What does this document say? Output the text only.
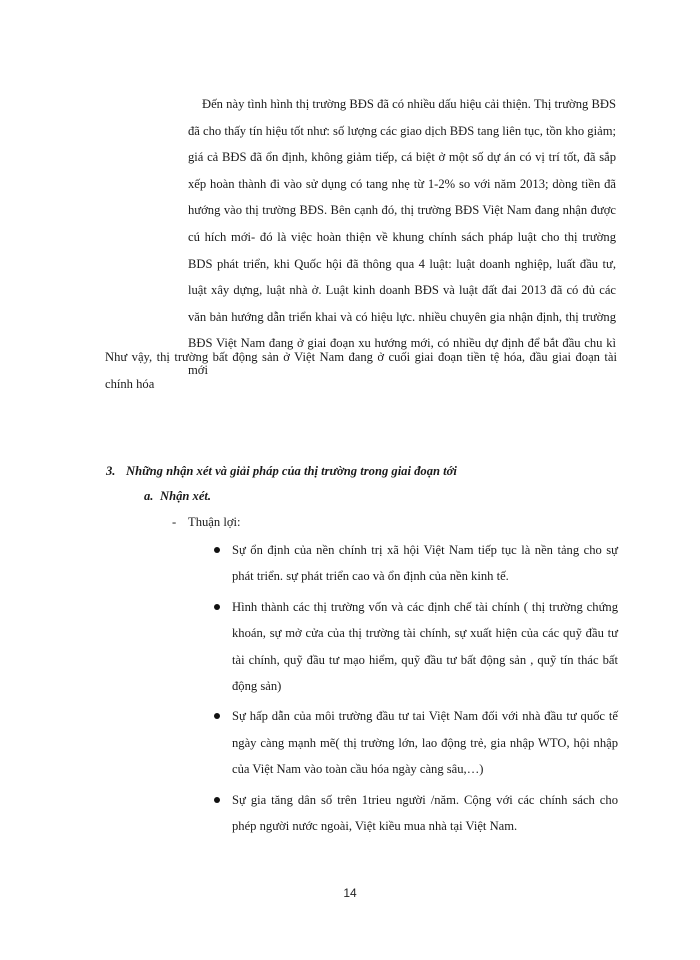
Đến này tình hình thị trường BĐS đã có nhiều dấu hiệu cải thiện. Thị trường BĐS đã cho thấy tín hiệu tốt như: số lượng các giao dịch BĐS tang liên tục, tồn kho giảm; giá cả BĐS đã ổn định, không giảm tiếp, cá biệt ở một số dự án có vị trí tốt, đã sắp xếp hoàn thành đi vào sử dụng có tang nhẹ từ 1-2% so với năm 2013; dòng tiền đã hướng vào thị trường BĐS. Bên cạnh đó, thị trường BĐS Việt Nam đang nhận được cú hích mới- đó là việc hoàn thiện về khung chính sách pháp luật cho thị trường BDS phát triển, khi Quốc hội đã thông qua 4 luật: luật doanh nghiệp, luất đầu tư, luật xây dựng, luật nhà ở. Luật kinh doanh BĐS và luật đất đai 2013 đã có đủ các văn bản hướng dẫn triển khai và có hiệu lực. nhiều chuyên gia nhận định, thị trường BĐS Việt Nam đang ở giai đoạn xu hướng mới, có nhiều dự định để bắt đầu chu kì mới

Như vậy, thị trường bất động sản ở Việt Nam đang ở cuối giai đoạn tiền tệ hóa, đầu giai đoạn tài chính hóa

3. Những nhận xét và giải pháp của thị trường trong giai đoạn tới

a. Nhận xét.

- Thuận lợi:

Sự ổn định của nền chính trị xã hội Việt Nam tiếp tục là nền tảng cho sự phát triển. sự phát triển cao và ổn định của nền kinh tế.
Hình thành các thị trường vốn và các định chế tài chính ( thị trường chứng khoán, sự mở cửa của thị trường tài chính, sự xuất hiện của các quỹ đầu tư tài chính, quỹ đầu tư mạo hiểm, quỹ đầu tư bất động sản , quỹ tín thác bất động sản)
Sự hấp dẫn của môi trường đầu tư tai Việt Nam đối với nhà đầu tư quốc tế ngày càng mạnh mẽ( thị trường lớn, lao động trẻ, gia nhập WTO, hội nhập của Việt Nam vào toàn cầu hóa ngày càng sâu,…)
Sự gia tăng dân số trên 1trieu người /năm. Cộng với các chính sách cho phép người nước ngoài, Việt kiều mua nhà tại Việt Nam.
14
